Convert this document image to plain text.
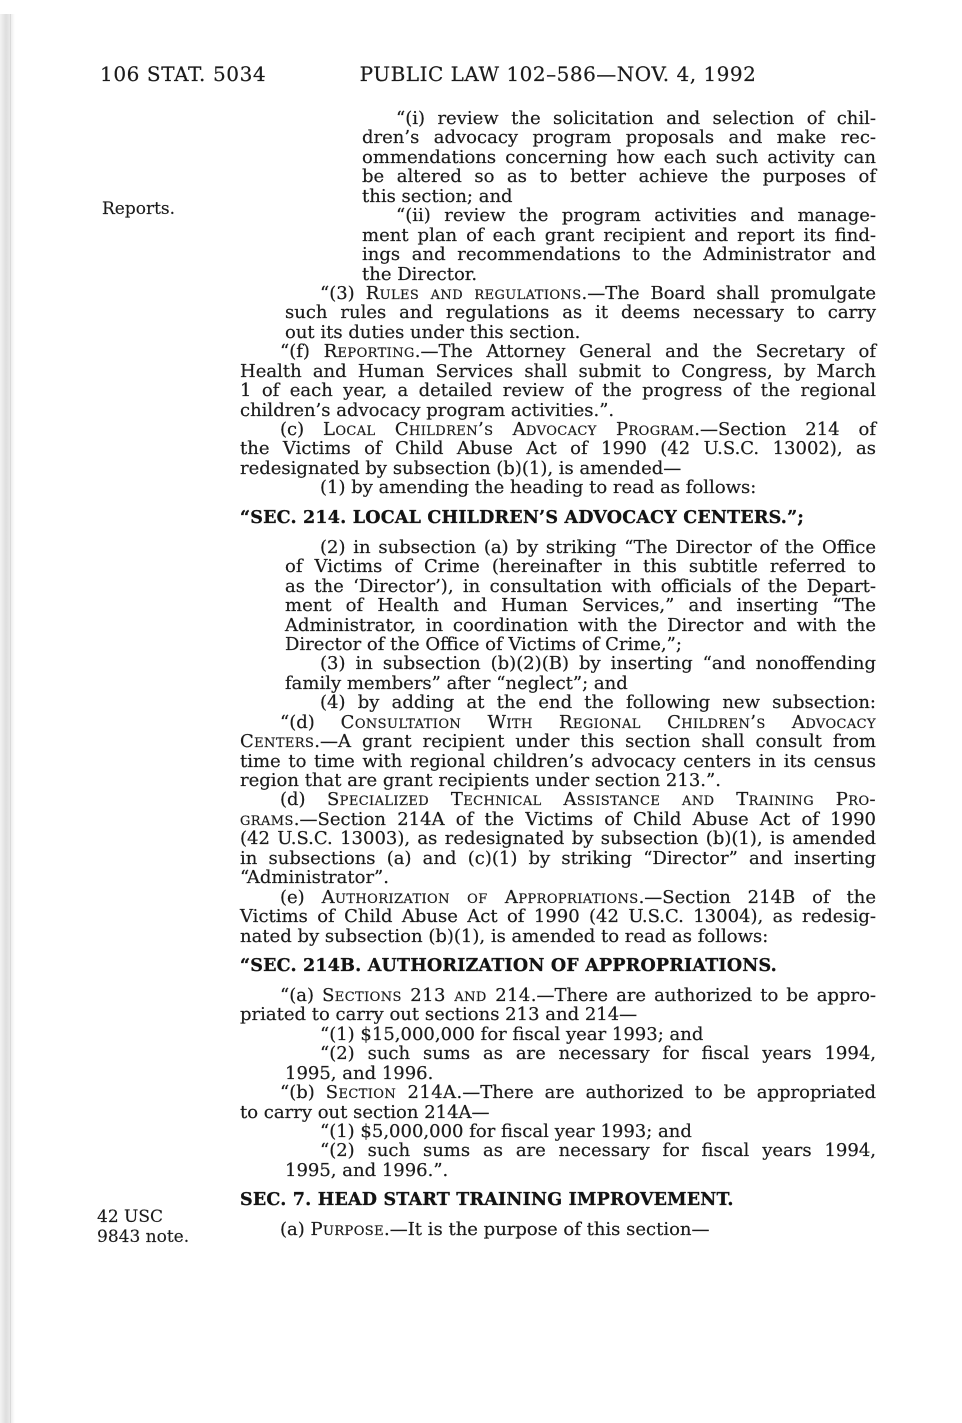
106 STAT. 5034	PUBLIC LAW 102–586—NOV. 4, 1992
Reports.
42 USC 9843 note.
“(i) review the solicitation and selection of chil-
dren’s advocacy program proposals and make rec-
ommendations concerning how each such activity can
be altered so as to better achieve the purposes of
this section; and
“(ii) review the program activities and manage-
ment plan of each grant recipient and report its find-
ings and recommendations to the Administrator and
the Director.
“(3) Rules and regulations.—The Board shall promulgate
such rules and regulations as it deems necessary to carry
out its duties under this section.
“(f) Reporting.—The Attorney General and the Secretary of
Health and Human Services shall submit to Congress, by March
1 of each year, a detailed review of the progress of the regional
children’s advocacy program activities.”.
(c) Local Children’s Advocacy Program.—Section 214 of
the Victims of Child Abuse Act of 1990 (42 U.S.C. 13002), as
redesignated by subsection (b)(1), is amended—
(1) by amending the heading to read as follows:
“SEC. 214. LOCAL CHILDREN’S ADVOCACY CENTERS.”;
(2) in subsection (a) by striking “The Director of the Office
of Victims of Crime (hereinafter in this subtitle referred to
as the ‘Director’), in consultation with officials of the Depart-
ment of Health and Human Services,” and inserting “The
Administrator, in coordination with the Director and with the
Director of the Office of Victims of Crime,”;
(3) in subsection (b)(2)(B) by inserting “and nonoffending
family members” after “neglect”; and
(4) by adding at the end the following new subsection:
“(d) Consultation With Regional Children’s Advocacy
Centers.—A grant recipient under this section shall consult from
time to time with regional children’s advocacy centers in its census
region that are grant recipients under section 213.”.
(d) Specialized Technical Assistance and Training Pro-
grams.—Section 214A of the Victims of Child Abuse Act of 1990
(42 U.S.C. 13003), as redesignated by subsection (b)(1), is amended
in subsections (a) and (c)(1) by striking “Director” and inserting
“Administrator”.
(e) Authorization of Appropriations.—Section 214B of the
Victims of Child Abuse Act of 1990 (42 U.S.C. 13004), as redesig-
nated by subsection (b)(1), is amended to read as follows:
“SEC. 214B. AUTHORIZATION OF APPROPRIATIONS.
“(a) Sections 213 and 214.—There are authorized to be appro-
priated to carry out sections 213 and 214—
“(1) $15,000,000 for fiscal year 1993; and
“(2) such sums as are necessary for fiscal years 1994,
1995, and 1996.
“(b) Section 214A.—There are authorized to be appropriated
to carry out section 214A—
“(1) $5,000,000 for fiscal year 1993; and
“(2) such sums as are necessary for fiscal years 1994,
1995, and 1996.”.
SEC. 7. HEAD START TRAINING IMPROVEMENT.
(a) Purpose.—It is the purpose of this section—
